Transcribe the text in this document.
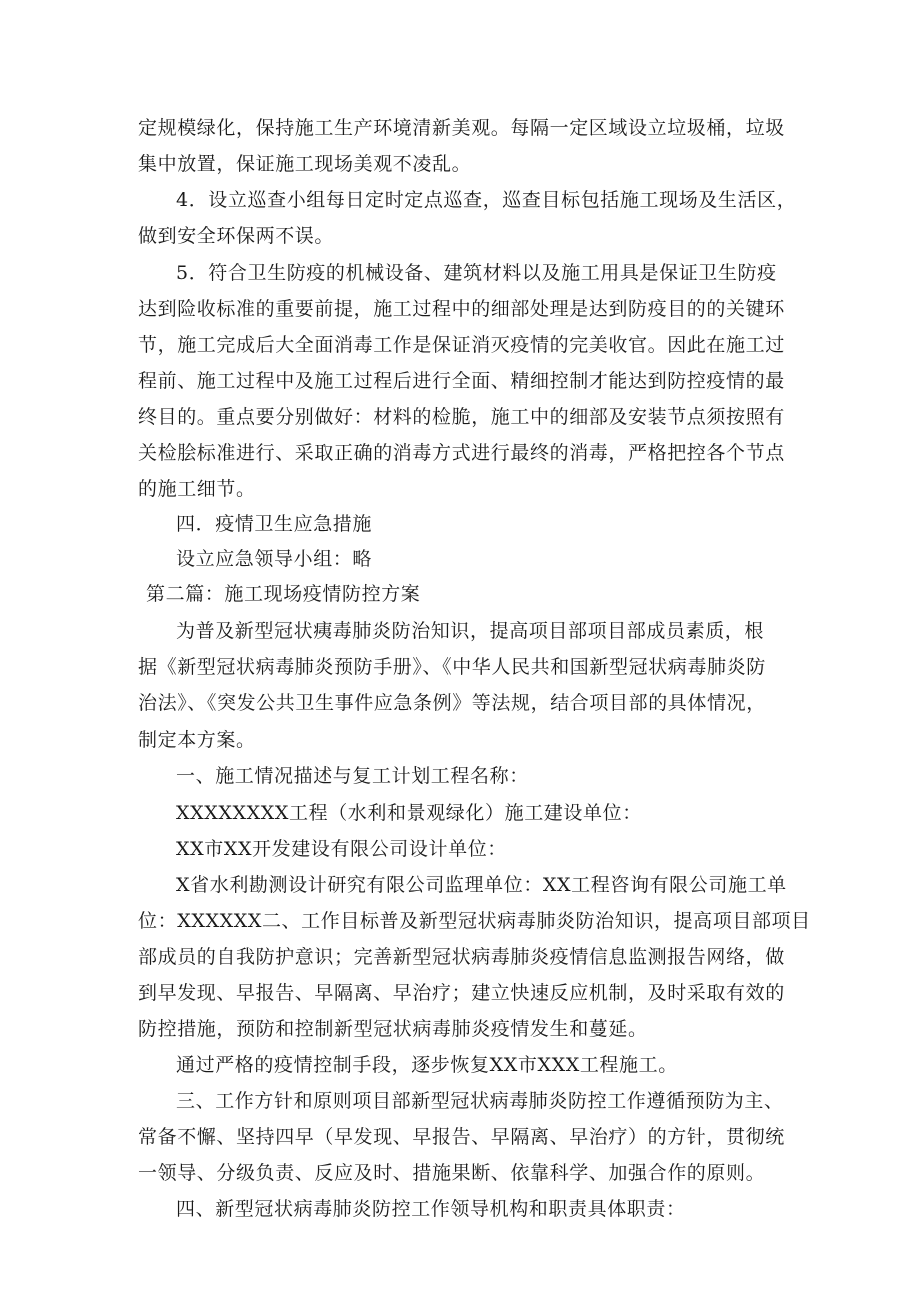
定规模绿化，保持施工生产环境清新美观。每隔一定区域设立垃圾桶，垃圾
集中放置，保证施工现场美观不凌乱。
4．设立巡查小组每日定时定点巡查，巡查目标包括施工现场及生活区，
做到安全环保两不误。
5．符合卫生防疫的机械设备、建筑材料以及施工用具是保证卫生防疫
达到险收标准的重要前提，施工过程中的细部处理是达到防疫目的的关键环
节，施工完成后大全面消毒工作是保证消灭疫情的完美收官。因此在施工过
程前、施工过程中及施工过程后进行全面、精细控制才能达到防控疫情的最
终目的。重点要分别做好：材料的检脆，施工中的细部及安装节点须按照有
关检脍标准进行、采取正确的消毒方式进行最终的消毒，严格把控各个节点
的施工细节。
四．疫情卫生应急措施
设立应急领导小组：略
第二篇：施工现场疫情防控方案
为普及新型冠状痍毒肺炎防治知识，提高项目部项目部成员素质，根
据《新型冠状病毒肺炎预防手册》、《中华人民共和国新型冠状病毒肺炎防
治法》、《突发公共卫生事件应急条例》等法规，结合项目部的具体情况，
制定本方案。
一、施工情况描述与复工计划工程名称：
XXXXXXXX工程（水利和景观绿化）施工建设单位：
XX市XX开发建设有限公司设计单位：
X省水利勘测设计研究有限公司监理单位：XX工程咨询有限公司施工单
位：XXXXXX二、工作目标普及新型冠状病毒肺炎防治知识，提高项目部项目
部成员的自我防护意识；完善新型冠状病毒肺炎疫情信息监测报告网络，做
到早发现、早报告、早隔离、早治疗；建立快速反应机制，及时采取有效的
防控措施，预防和控制新型冠状病毒肺炎疫情发生和蔓延。
通过严格的疫情控制手段，逐步恢复XX市XXX工程施工。
三、工作方针和原则项目部新型冠状病毒肺炎防控工作遵循预防为主、
常备不懈、坚持四早（早发现、早报告、早隔离、早治疗）的方针，贯彻统
一领导、分级负责、反应及时、措施果断、依靠科学、加强合作的原则。
四、新型冠状病毒肺炎防控工作领导机构和职责具体职责：
